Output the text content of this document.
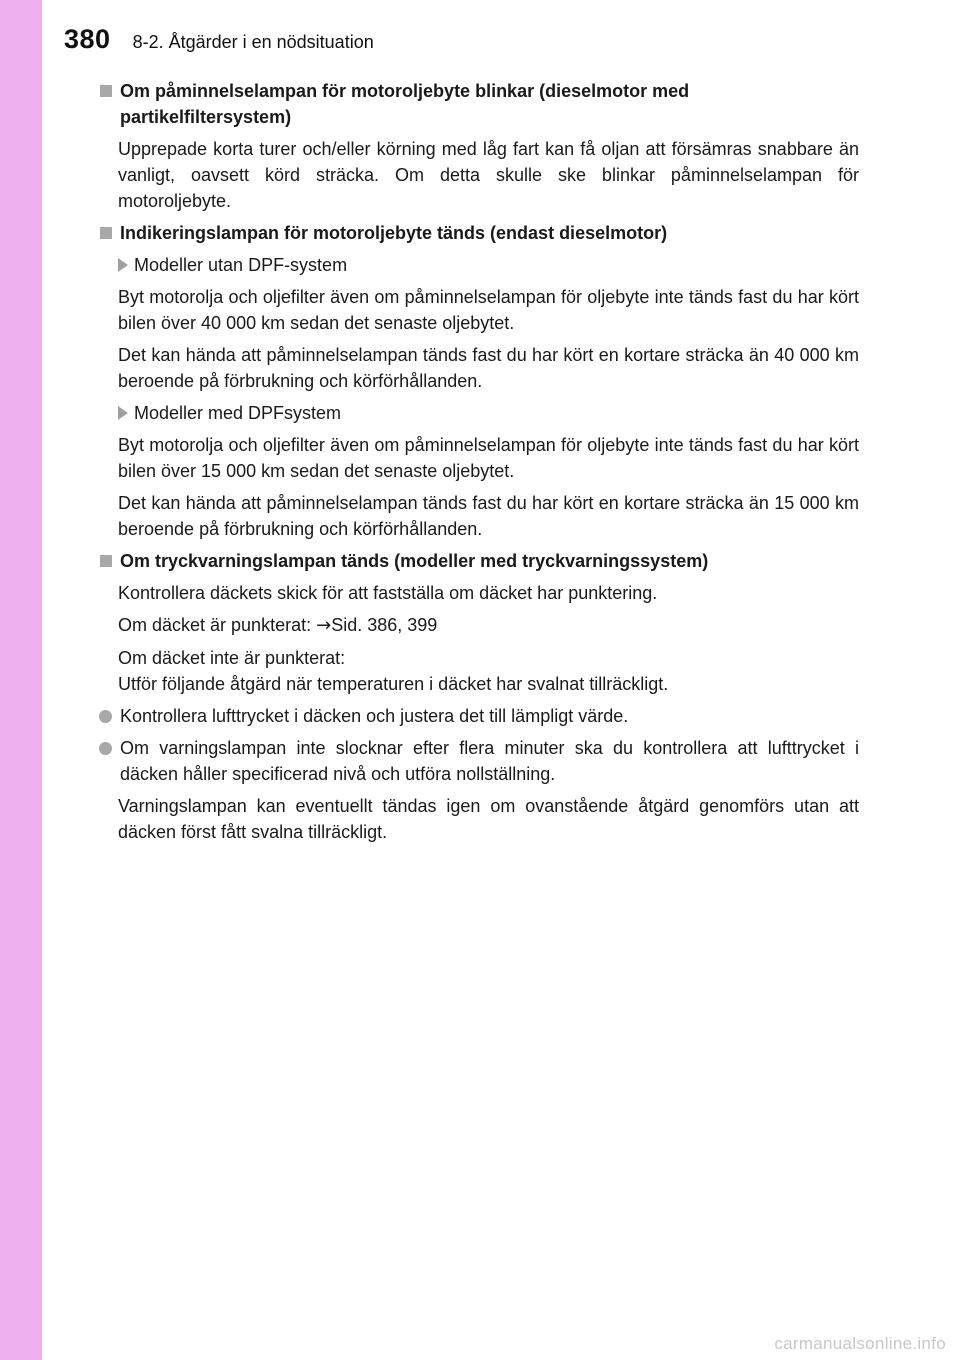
380 8-2. Åtgärder i en nödsituation
Om påminnelselampan för motoroljebyte blinkar (dieselmotor med partikelfiltersystem)
Upprepade korta turer och/eller körning med låg fart kan få oljan att försämras snabbare än vanligt, oavsett körd sträcka. Om detta skulle ske blinkar påminnelselampan för motoroljebyte.
Indikeringslampan för motoroljebyte tänds (endast dieselmotor)
Modeller utan DPF-system
Byt motorolja och oljefilter även om påminnelselampan för oljebyte inte tänds fast du har kört bilen över 40 000 km sedan det senaste oljebytet.
Det kan hända att påminnelselampan tänds fast du har kört en kortare sträcka än 40 000 km beroende på förbrukning och körförhållanden.
Modeller med DPFsystem
Byt motorolja och oljefilter även om påminnelselampan för oljebyte inte tänds fast du har kört bilen över 15 000 km sedan det senaste oljebytet.
Det kan hända att påminnelselampan tänds fast du har kört en kortare sträcka än 15 000 km beroende på förbrukning och körförhållanden.
Om tryckvarningslampan tänds (modeller med tryckvarningssystem)
Kontrollera däckets skick för att fastställa om däcket har punktering.
Om däcket är punkterat: →Sid. 386, 399
Om däcket inte är punkterat:
Utför följande åtgärd när temperaturen i däcket har svalnat tillräckligt.
Kontrollera lufttrycket i däcken och justera det till lämpligt värde.
Om varningslampan inte slocknar efter flera minuter ska du kontrollera att lufttrycket i däcken håller specificerad nivå och utföra nollställning.
Varningslampan kan eventuellt tändas igen om ovanstående åtgärd genomförs utan att däcken först fått svalna tillräckligt.
carmanualsonline.info
